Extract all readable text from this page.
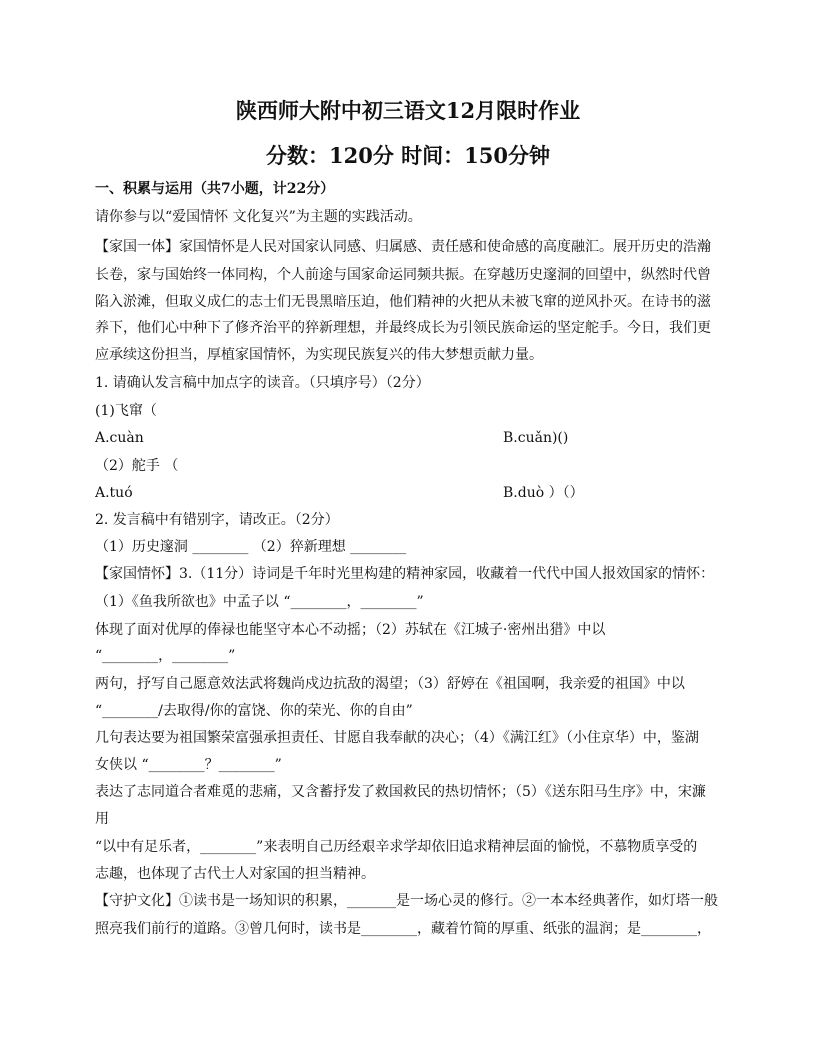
陕西师大附中初三语文12月限时作业
分数：120分 时间：150分钟
一、积累与运用（共7小题，计22分）
请你参与以“爱国情怀 文化复兴”为主题的实践活动。
【家国一体】家国情怀是人民对国家认同感、归属感、责任感和使命感的高度融汇。展开历史的浩瀚
长卷，家与国始终一体同构，个人前途与国家命运同频共振。在穿越历史邃洞的回望中，纵然时代曾
陷入淤滩，但取义成仁的志士们无畏黑暗压迫，他们精神的火把从未被飞窜的逆风扑灭。在诗书的滋
养下，他们心中种下了修齐治平的猝新理想，并最终成长为引领民族命运的坚定舵手。今日，我们更
应承续这份担当，厚植家国情怀，为实现民族复兴的伟大梦想贡献力量。
1. 请确认发言稿中加点字的读音。（只填序号）（2分）
(1)飞窜（
A.cuàn	B.cuǎn)()
（2）舵手 （
A.tuó	B.duò ）（）
2. 发言稿中有错别字，请改正。（2分）
（1）历史邃洞 ________ （2）猝新理想 ________
【家国情怀】3.（11分）诗词是千年时光里构建的精神家园，收藏着一代代中国人报效国家的情怀：
（1）《鱼我所欲也》中孟子以 “________，________”
体现了面对优厚的俸禄也能坚守本心不动摇；（2）苏轼在《江城子·密州出猎》中以
“________，________”
两句，抒写自己愿意效法武将魏尚戍边抗敌的渴望；（3）舒婷在《祖国啊，我亲爱的祖国》中以
“________/去取得/你的富饶、你的荣光、你的自由”
几句表达要为祖国繁荣富强承担责任、甘愿自我奉献的决心；（4）《满江红》（小住京华）中，鉴湖
女侠以 “________？________”
表达了志同道合者难觅的悲痛，又含蓄抒发了救国救民的热切情怀；（5）《送东阳马生序》中，宋濂
用
“以中有足乐者，________”来表明自己历经艰辛求学却依旧追求精神层面的愉悦，不慕物质享受的
志趣，也体现了古代士人对家国的担当精神。
【守护文化】①读书是一场知识的积累，_______是一场心灵的修行。②一本本经典著作，如灯塔一般
照亮我们前行的道路。③曾几何时，读书是________，藏着竹简的厚重、纸张的温润；是________，
